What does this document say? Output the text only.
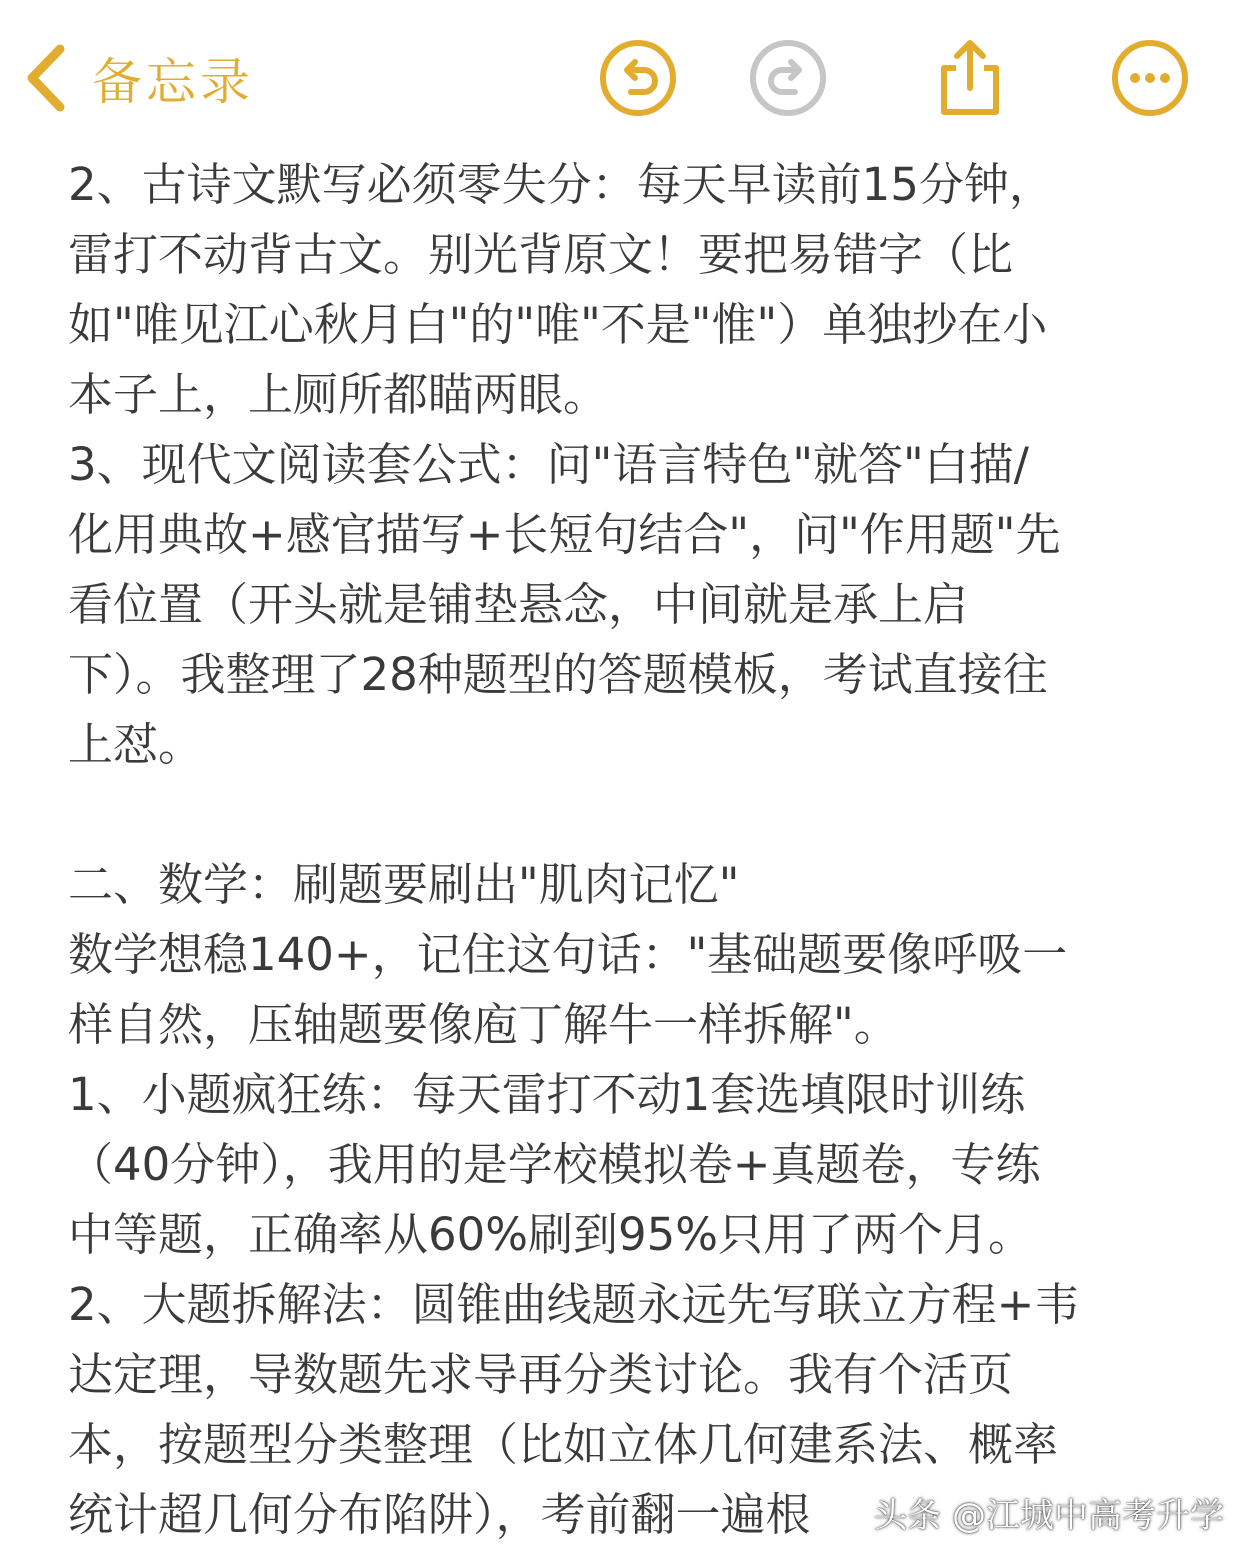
备忘录
2、古诗文默写必须零失分：每天早读前15分钟，
雷打不动背古文。别光背原文！要把易错字（比
如"唯见江心秋月白"的"唯"不是"惟"）单独抄在小
本子上，上厕所都瞄两眼。
3、现代文阅读套公式：问"语言特色"就答"白描/
化用典故+感官描写+长短句结合"，问"作用题"先
看位置（开头就是铺垫悬念，中间就是承上启
下）。我整理了28种题型的答题模板，考试直接往
上怼。
二、数学：刷题要刷出"肌肉记忆"
数学想稳140+，记住这句话："基础题要像呼吸一
样自然，压轴题要像庖丁解牛一样拆解"。
1、小题疯狂练：每天雷打不动1套选填限时训练
（40分钟），我用的是学校模拟卷+真题卷，专练
中等题，正确率从60%刷到95%只用了两个月。
2、大题拆解法：圆锥曲线题永远先写联立方程+韦
达定理，导数题先求导再分类讨论。我有个活页
本，按题型分类整理（比如立体几何建系法、概率
统计超几何分布陷阱），考前翻一遍根	头条 @江城中高考升学
